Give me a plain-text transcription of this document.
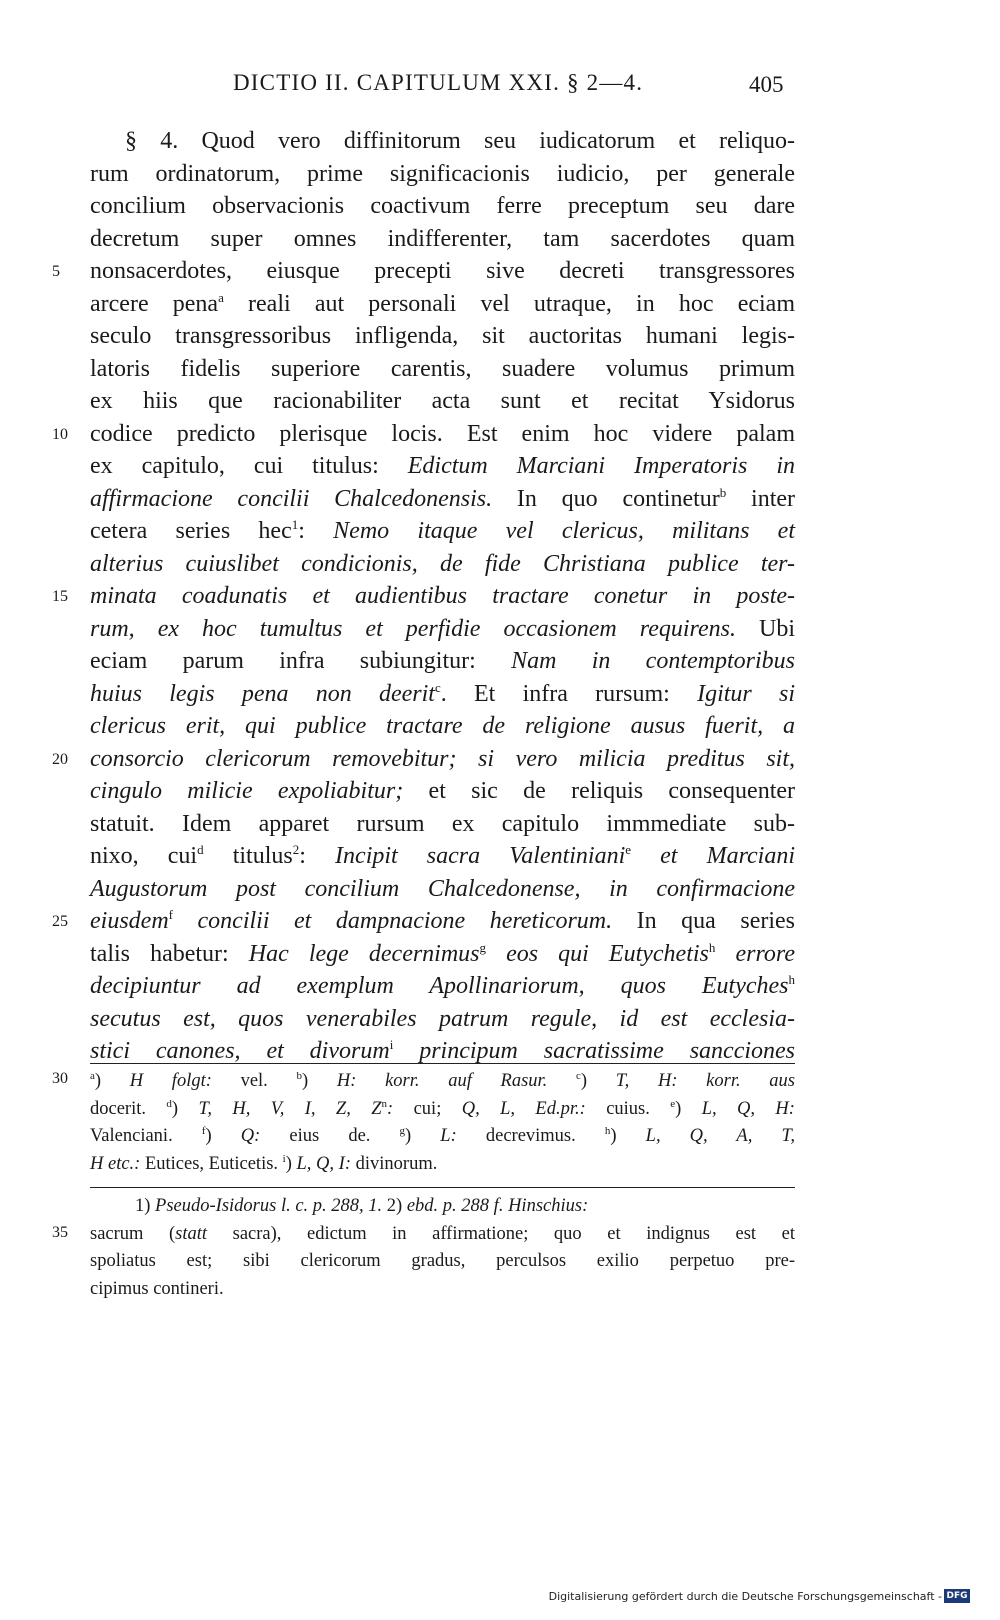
DICTIO II. CAPITULUM XXI. § 2—4.	405
§ 4. Quod vero diffinitorum seu iudicatorum et reliquo-
rum ordinatorum, prime significacionis iudicio, per generale
concilium observacionis coactivum ferre preceptum seu dare
decretum super omnes indifferenter, tam sacerdotes quam
nonsacerdotes, eiusque precepti sive decreti transgressores
arcere pena$^a$ reali aut personali vel utraque, in hoc eciam
seculo transgressoribus infligenda, sit auctoritas humani legis-
latoris fidelis superiore carentis, suadere volumus primum
ex hiis que racionabiliter acta sunt et recitat Ysidorus
codice predicto plerisque locis. Est enim hoc videre palam
ex capitulo, cui titulus: Edictum Marciani Imperatoris in
affirmacione concilii Chalcedonensis. In quo continetur$^b$ inter
cetera series hec$^1$: Nemo itaque vel clericus, militans et
alterius cuiuslibet condicionis, de fide Christiana publice ter-
minata coadunatis et audientibus tractare conetur in poste-
rum, ex hoc tumultus et perfidie occasionem requirens. Ubi
eciam parum infra subiungitur: Nam in contemptoribus
huius legis pena non deerit$^c$. Et infra rursum: Igitur si
clericus erit, qui publice tractare de religione ausus fuerit, a
consorcio clericorum removebitur; si vero milicia preditus sit,
cingulo milicie expoliabitur; et sic de reliquis consequenter
statuit. Idem apparet rursum ex capitulo immmediate sub-
nixo, cui$^d$ titulus$^2$: Incipit sacra Valentiniani$^e$ et Marciani
Augustorum post concilium Chalcedonense, in confirmacione
eiusdem$^f$ concilii et dampnacione hereticorum. In qua series
talis habetur: Hac lege decernimus$^g$ eos qui Eutychetis$^h$ errore
decipiuntur ad exemplum Apollinariorum, quos Eutyches$^h$
secutus est, quos venerabiles patrum regule, id est ecclesia-
stici canones, et divorum$^i$ principum sacratissime sancciones
5
10
15
20
25
30	$^a$) H folgt: vel. $^b$) H: korr. auf Rasur.	$^c$) T, H: korr. aus
docerit. $^d$) T, H, V, I, Z, $Z^n$: cui; Q, L, Ed.pr.: cuius. $^e$) L, Q, H:
Valenciani. $^f$) Q: eius de. $^g$) L: decrevimus. $^h$) L, Q, A, T,
H etc.: Eutices, Euticetis. $^i$) L, Q, I: divinorum.
35
1) Pseudo-Isidorus l. c. p. 288, 1. 2) ebd. p. 288 f. Hinschius:
sacrum (statt sacra), edictum in affirmatione; quo et indignus est et
spoliatus est; sibi clericorum gradus, perculsos exilio perpetuo pre-
cipimus contineri.
Digitalisierung gefördert durch die Deutsche Forschungsgemeinschaft - DFG
